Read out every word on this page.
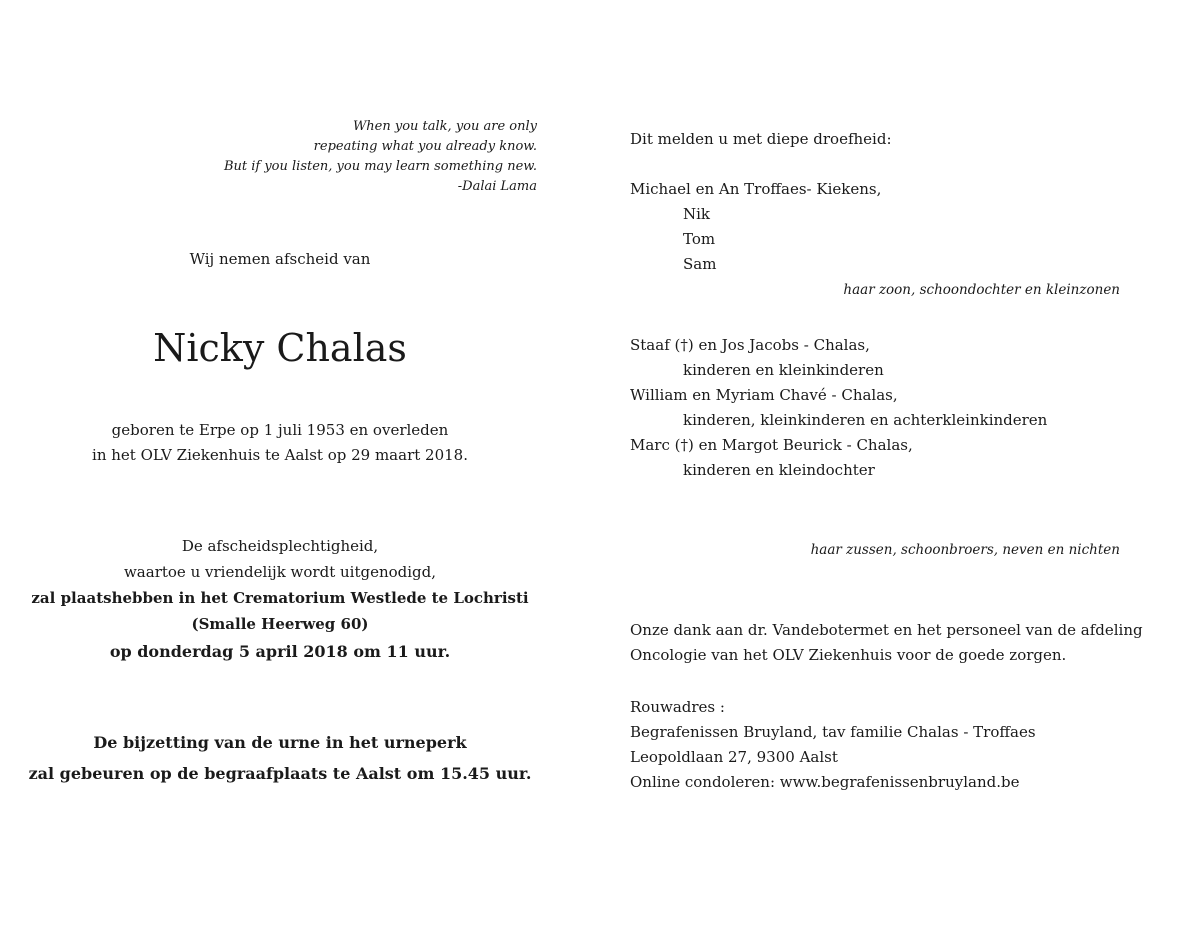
When you talk, you are only
repeating what you already know.
But if you listen, you may learn something new.
-Dalai Lama
Wij nemen afscheid van
Nicky Chalas
geboren te Erpe op 1 juli 1953 en overleden
in het OLV Ziekenhuis te Aalst op 29 maart 2018.
De afscheidsplechtigheid,
waartoe u vriendelijk wordt uitgenodigd,
zal plaatshebben in het Crematorium Westlede te Lochristi
(Smalle Heerweg 60)
op donderdag 5 april 2018 om 11 uur.
De bijzetting van de urne in het urneperk
zal gebeuren op de begraafplaats te Aalst om 15.45 uur.
Dit melden u met diepe droefheid:
Michael en An Troffaes- Kiekens,
Nik
Tom
Sam
haar zoon, schoondochter en kleinzonen
Staaf (†) en Jos Jacobs - Chalas,
kinderen en kleinkinderen
William en Myriam Chavé - Chalas,
kinderen, kleinkinderen en achterkleinkinderen
Marc (†) en Margot Beurick - Chalas,
kinderen en kleindochter
haar zussen, schoonbroers, neven en nichten
Onze dank aan dr. Vandebotermet en het personeel van de afdeling
Oncologie van het OLV Ziekenhuis voor de goede zorgen.
Rouwadres :
Begrafenissen Bruyland, tav familie Chalas - Troffaes
Leopoldlaan 27, 9300 Aalst
Online condoleren: www.begrafenissenbruyland.be
